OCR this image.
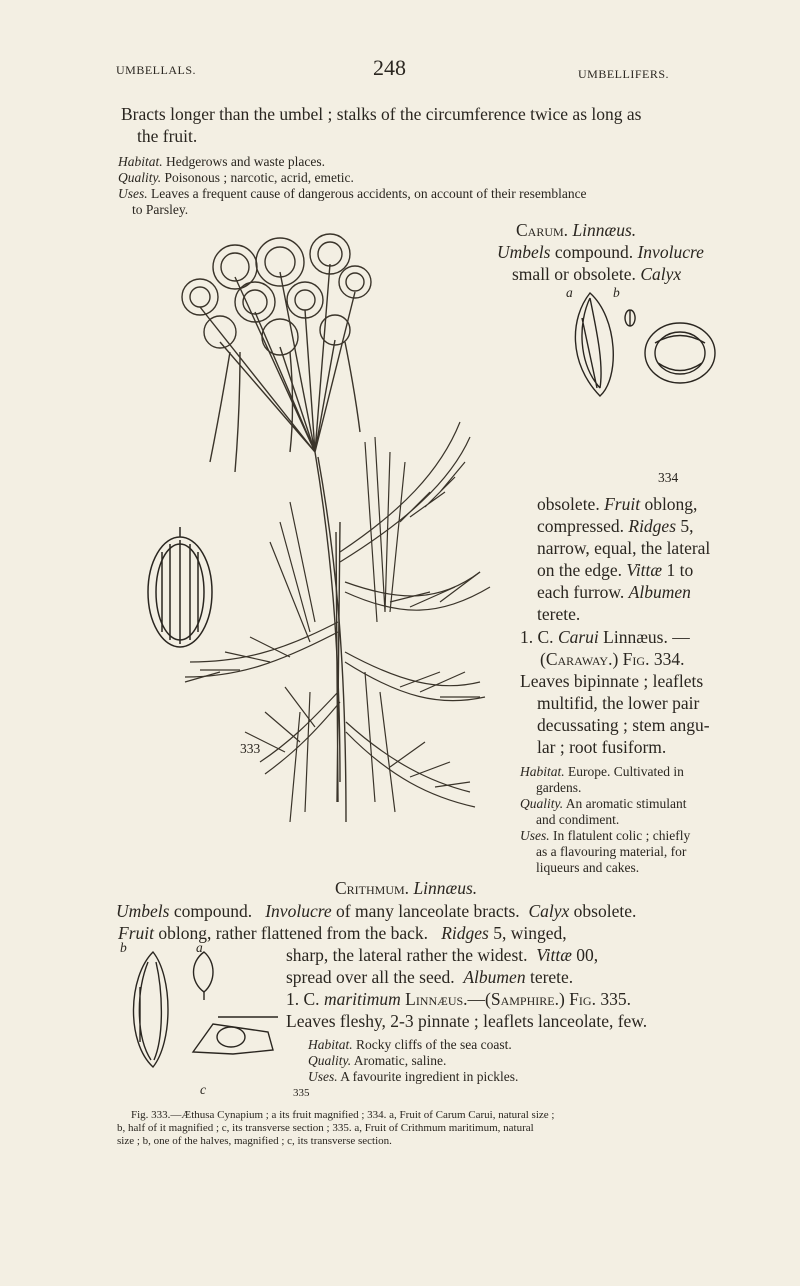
UMBELLALS.	248	UMBELLIFERS.
Bracts longer than the umbel ; stalks of the circumference twice as long as
the fruit.
Habitat. Hedgerows and waste places.
Quality. Poisonous ; narcotic, acrid, emetic.
Uses. Leaves a frequent cause of dangerous accidents, on account of their resemblance
to Parsley.
333
a	b
334
Carum. Linnæus.
Umbels compound. Involucre
small or obsolete. Calyx
obsolete. Fruit oblong,
compressed. Ridges 5,
narrow, equal, the lateral
on the edge. Vittæ 1 to
each furrow. Albumen
terete.
1. C. Carui Linnæus. —
(Caraway.) Fig. 334.
Leaves bipinnate ; leaflets
multifid, the lower pair
decussating ; stem angu-
lar ; root fusiform.
Habitat. Europe. Cultivated in
gardens.
Quality. An aromatic stimulant
and condiment.
Uses. In flatulent colic ; chiefly
as a flavouring material, for
liqueurs and cakes.
Crithmum. Linnæus.
Umbels compound. Involucre of many lanceolate bracts. Calyx obsolete.
Fruit oblong, rather flattened from the back. Ridges 5, winged,
sharp, the lateral rather the widest. Vittæ 00,
spread over all the seed. Albumen terete.
1. C. maritimum Linnæus.—(Samphire.) Fig. 335.
Leaves fleshy, 2-3 pinnate ; leaflets lanceolate, few.
Habitat. Rocky cliffs of the sea coast.
Quality. Aromatic, saline.
Uses. A favourite ingredient in pickles.
b	a
c	335
Fig. 333.—Æthusa Cynapium ; a its fruit magnified ; 334. a, Fruit of Carum Carui, natural size ;
b, half of it magnified ; c, its transverse section ; 335. a, Fruit of Crithmum maritimum, natural
size ; b, one of the halves, magnified ; c, its transverse section.
